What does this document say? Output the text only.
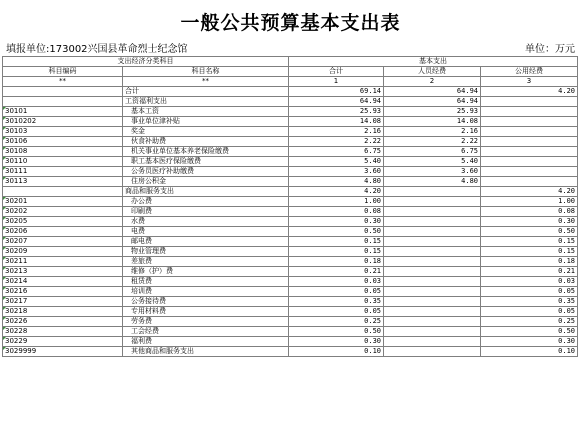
一般公共预算基本支出表
填报单位:173002兴国县革命烈士纪念馆	单位：万元
支出经济分类科目		基本支出		
科目编码	科目名称	合计	人员经费	公用经费
**	**	1	2	3
	合计	69.14	64.94	4.20
	工资福利支出	64.94	64.94	

30101	基本工资	25.93	25.93	

3010202	事业单位津补贴	14.08	14.08	

30103	奖金	2.16	2.16	

30106	伙食补助费	2.22	2.22	

30108	机关事业单位基本养老保险缴费	6.75	6.75	

30110	职工基本医疗保险缴费	5.40	5.40	

30111	公务员医疗补助缴费	3.60	3.60	

30113	住房公积金	4.80	4.80	
	商品和服务支出	4.20		4.20

30201	办公费	1.00		1.00

30202	印刷费	0.08		0.08

30205	水费	0.30		0.30

30206	电费	0.50		0.50

30207	邮电费	0.15		0.15

30209	物业管理费	0.15		0.15

30211	差旅费	0.18		0.18

30213	维修（护）费	0.21		0.21

30214	租赁费	0.03		0.03

30216	培训费	0.05		0.05

30217	公务接待费	0.35		0.35

30218	专用材料费	0.05		0.05

30226	劳务费	0.25		0.25

30228	工会经费	0.50		0.50

30229	福利费	0.30		0.30

3029999	其他商品和服务支出	0.10		0.10
